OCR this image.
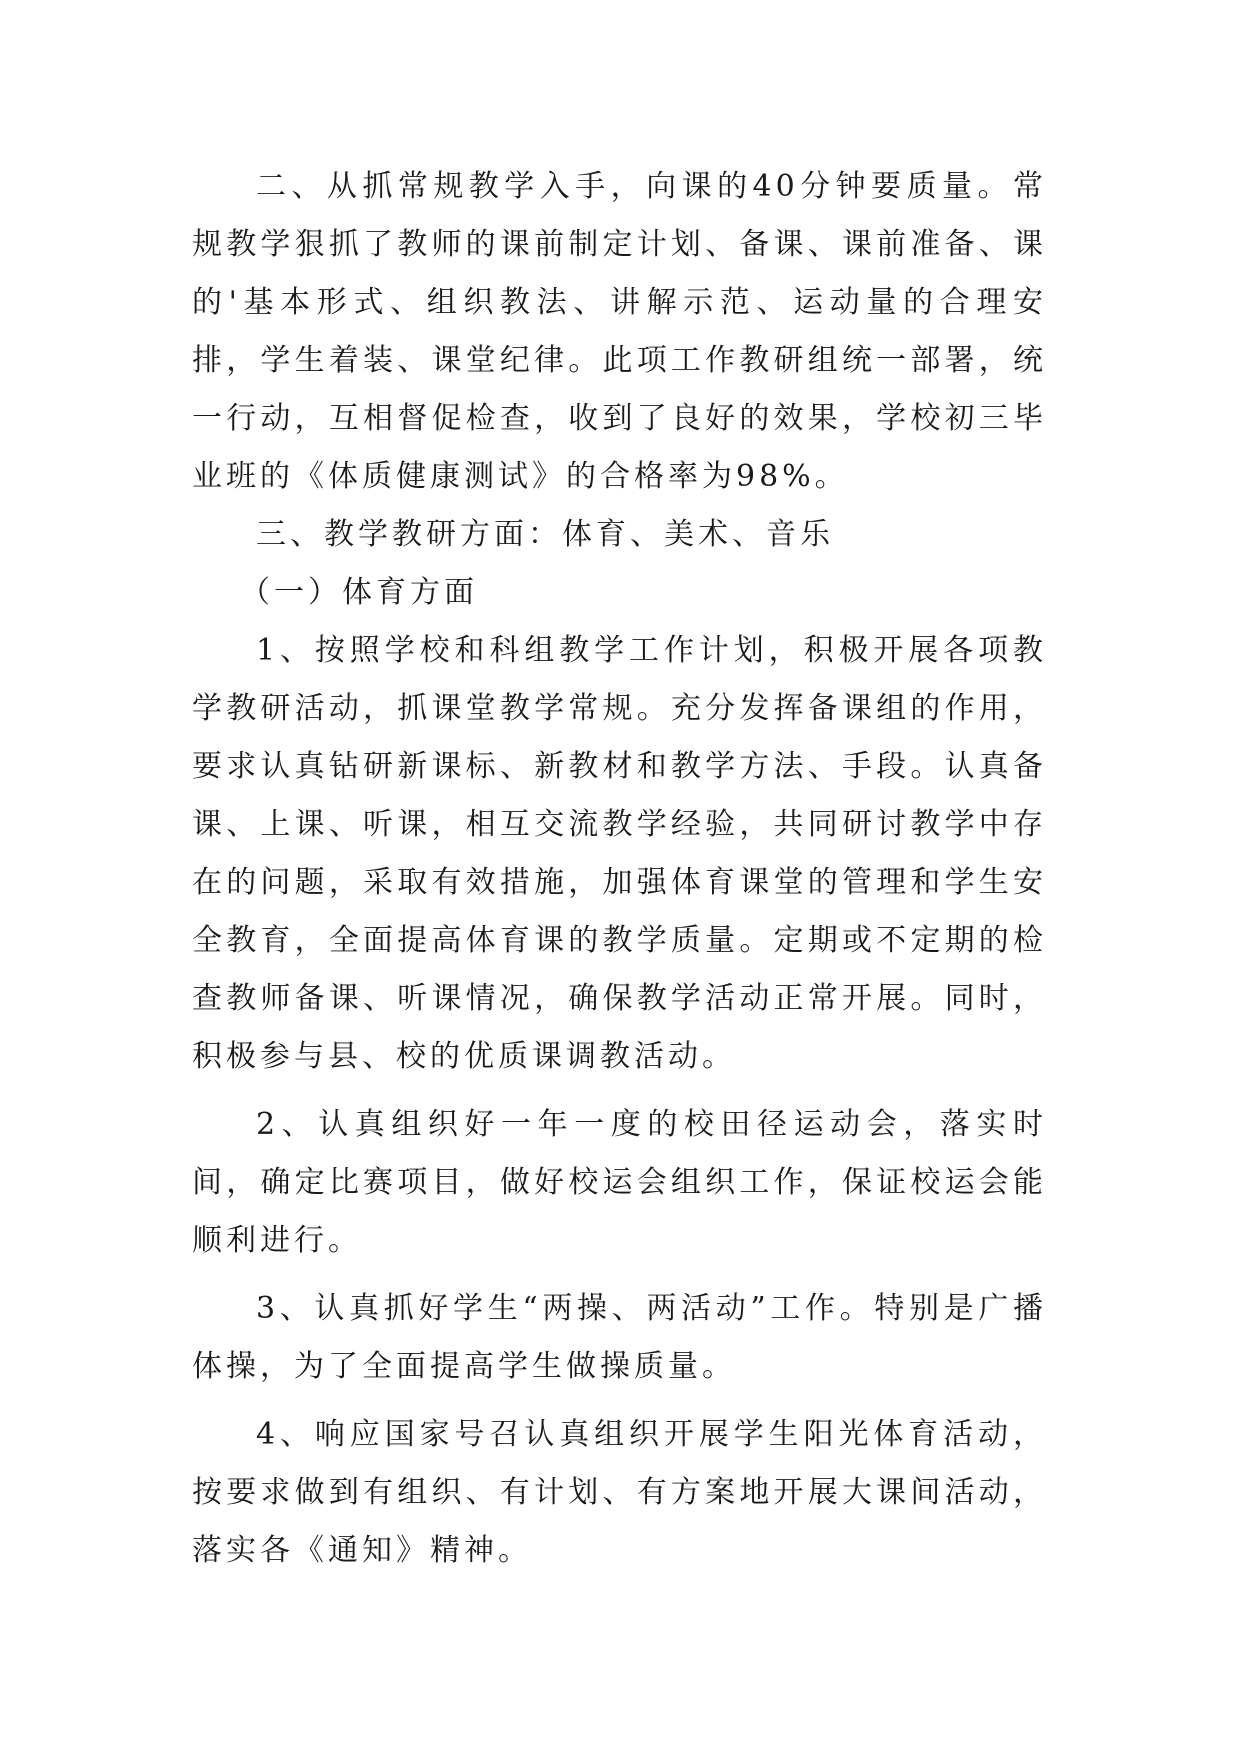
二、从抓常规教学入手，向课的40分钟要质量。常规教学狠抓了教师的课前制定计划、备课、课前准备、课的'基本形式、组织教法、讲解示范、运动量的合理安排，学生着装、课堂纪律。此项工作教研组统一部署，统一行动，互相督促检查，收到了良好的效果，学校初三毕业班的《体质健康测试》的合格率为98%。

三、教学教研方面：体育、美术、音乐

（一）体育方面

1、按照学校和科组教学工作计划，积极开展各项教学教研活动，抓课堂教学常规。充分发挥备课组的作用，要求认真钻研新课标、新教材和教学方法、手段。认真备课、上课、听课，相互交流教学经验，共同研讨教学中存在的问题，采取有效措施，加强体育课堂的管理和学生安全教育，全面提高体育课的教学质量。定期或不定期的检查教师备课、听课情况，确保教学活动正常开展。同时，积极参与县、校的优质课调教活动。

2、认真组织好一年一度的校田径运动会，落实时间，确定比赛项目，做好校运会组织工作，保证校运会能顺利进行。

3、认真抓好学生“两操、两活动”工作。特别是广播体操，为了全面提高学生做操质量。

4、响应国家号召认真组织开展学生阳光体育活动，按要求做到有组织、有计划、有方案地开展大课间活动，落实各《通知》精神。
